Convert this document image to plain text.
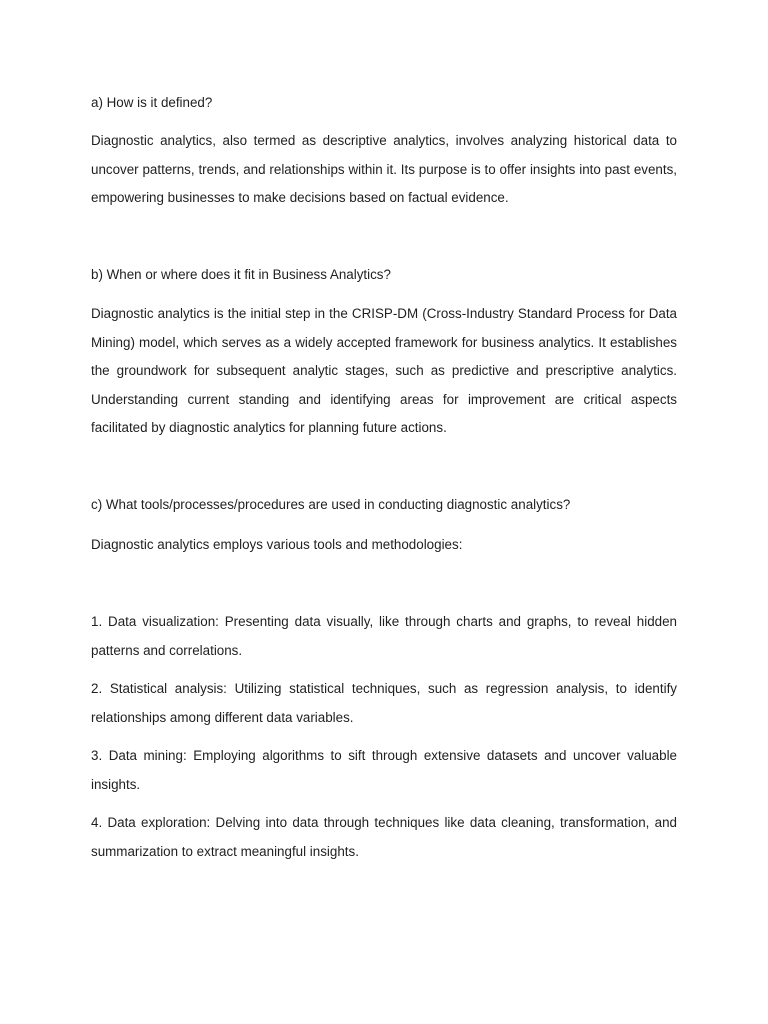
a) How is it defined?

Diagnostic analytics, also termed as descriptive analytics, involves analyzing historical data to uncover patterns, trends, and relationships within it. Its purpose is to offer insights into past events, empowering businesses to make decisions based on factual evidence.

b) When or where does it fit in Business Analytics?

Diagnostic analytics is the initial step in the CRISP-DM (Cross-Industry Standard Process for Data Mining) model, which serves as a widely accepted framework for business analytics. It establishes the groundwork for subsequent analytic stages, such as predictive and prescriptive analytics. Understanding current standing and identifying areas for improvement are critical aspects facilitated by diagnostic analytics for planning future actions.

c) What tools/processes/procedures are used in conducting diagnostic analytics?

Diagnostic analytics employs various tools and methodologies:

1. Data visualization: Presenting data visually, like through charts and graphs, to reveal hidden patterns and correlations.

2. Statistical analysis: Utilizing statistical techniques, such as regression analysis, to identify relationships among different data variables.

3. Data mining: Employing algorithms to sift through extensive datasets and uncover valuable insights.

4. Data exploration: Delving into data through techniques like data cleaning, transformation, and summarization to extract meaningful insights.
